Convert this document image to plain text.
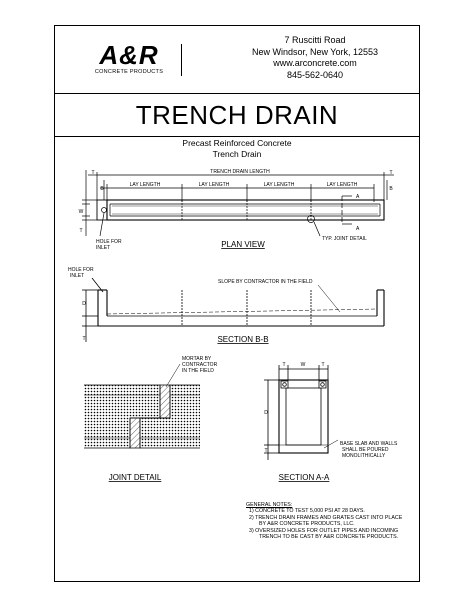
A&R
CONCRETE PRODUCTS
7 Ruscitti Road
New Windsor, New York, 12553
www.arconcrete.com
845-562-0640
TRENCH DRAIN
Precast Reinforced Concrete
Trench Drain
TRENCH DRAIN LENGTH
LAY LENGTH	LAY LENGTH	LAY LENGTH	LAY LENGTH
T	T
B	B
W
T
A
A
HOLE FOR
INLET
TYP. JOINT DETAIL
PLAN VIEW
HOLE FOR
INLET
SLOPE BY CONTRACTOR IN THE FIELD
D
T	SECTION B-B
MORTAR BY
CONTRACTOR
IN THE FIELD
JOINT DETAIL
T	W	T
D
T
BASE SLAB AND WALLS
SHALL BE POURED
MONOLITHICALLY
SECTION A-A
GENERAL NOTES:
1) CONCRETE TO TEST 5,000 PSI AT 28 DAYS.
2) TRENCH DRAIN FRAMES AND GRATES CAST INTO PLACE
BY A&R CONCRETE PRODUCTS, LLC.
3) OVERSIZED HOLES FOR OUTLET PIPES AND INCOMING
TRENCH TO BE CAST BY A&R CONCRETE PRODUCTS.
